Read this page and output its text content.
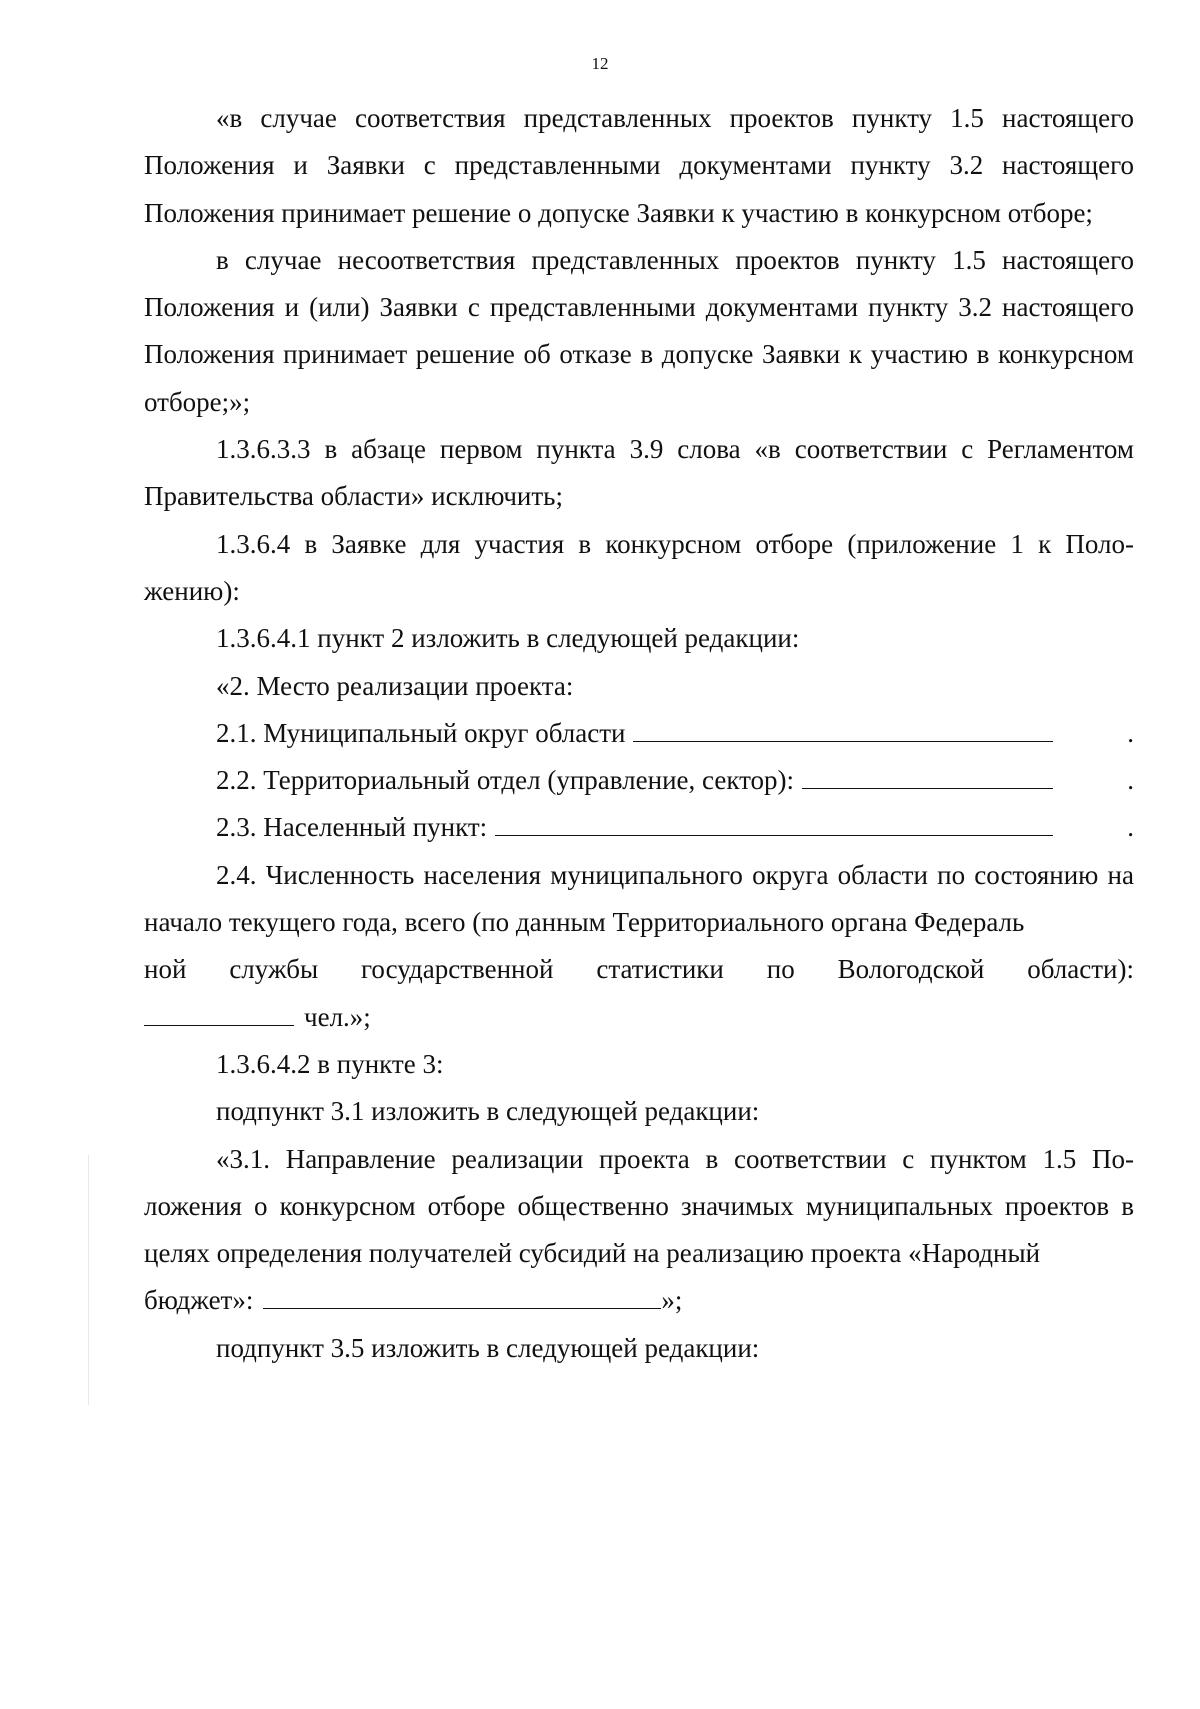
12

«в случае соответствия представленных проектов пункту 1.5 настоящего Положения и Заявки с представленными документами пункту 3.2 настоящего Положения принимает решение о допуске Заявки к участию в конкурсном отборе;

в случае несоответствия представленных проектов пункту 1.5 настоящего Положения и (или) Заявки с представленными документами пункту 3.2 настоящего Положения принимает решение об отказе в допуске Заявки к участию в конкурсном отборе;»;

1.3.6.3.3 в абзаце первом пункта 3.9 слова «в соответствии с Регламентом Правительства области» исключить;

1.3.6.4 в Заявке для участия в конкурсном отборе (приложение 1 к Положению):

1.3.6.4.1 пункт 2 изложить в следующей редакции:

«2. Место реализации проекта:

2.1. Муниципальный округ области	.
2.2. Территориальный отдел (управление, сектор):	.
2.3. Населенный пункт:	.

2.4. Численность населения муниципального округа области по состоянию на начало текущего года, всего (по данным Территориального органа Федераль

ной службы государственной статистики по Вологодской области):
чел.»;

1.3.6.4.2 в пункте 3:

подпункт 3.1 изложить в следующей редакции:

«3.1. Направление реализации проекта в соответствии с пунктом 1.5 Положения о конкурсном отборе общественно значимых муниципальных проектов в целях определения получателей субсидий на реализацию проекта «Народный

бюджет»:	»;

подпункт 3.5 изложить в следующей редакции:
